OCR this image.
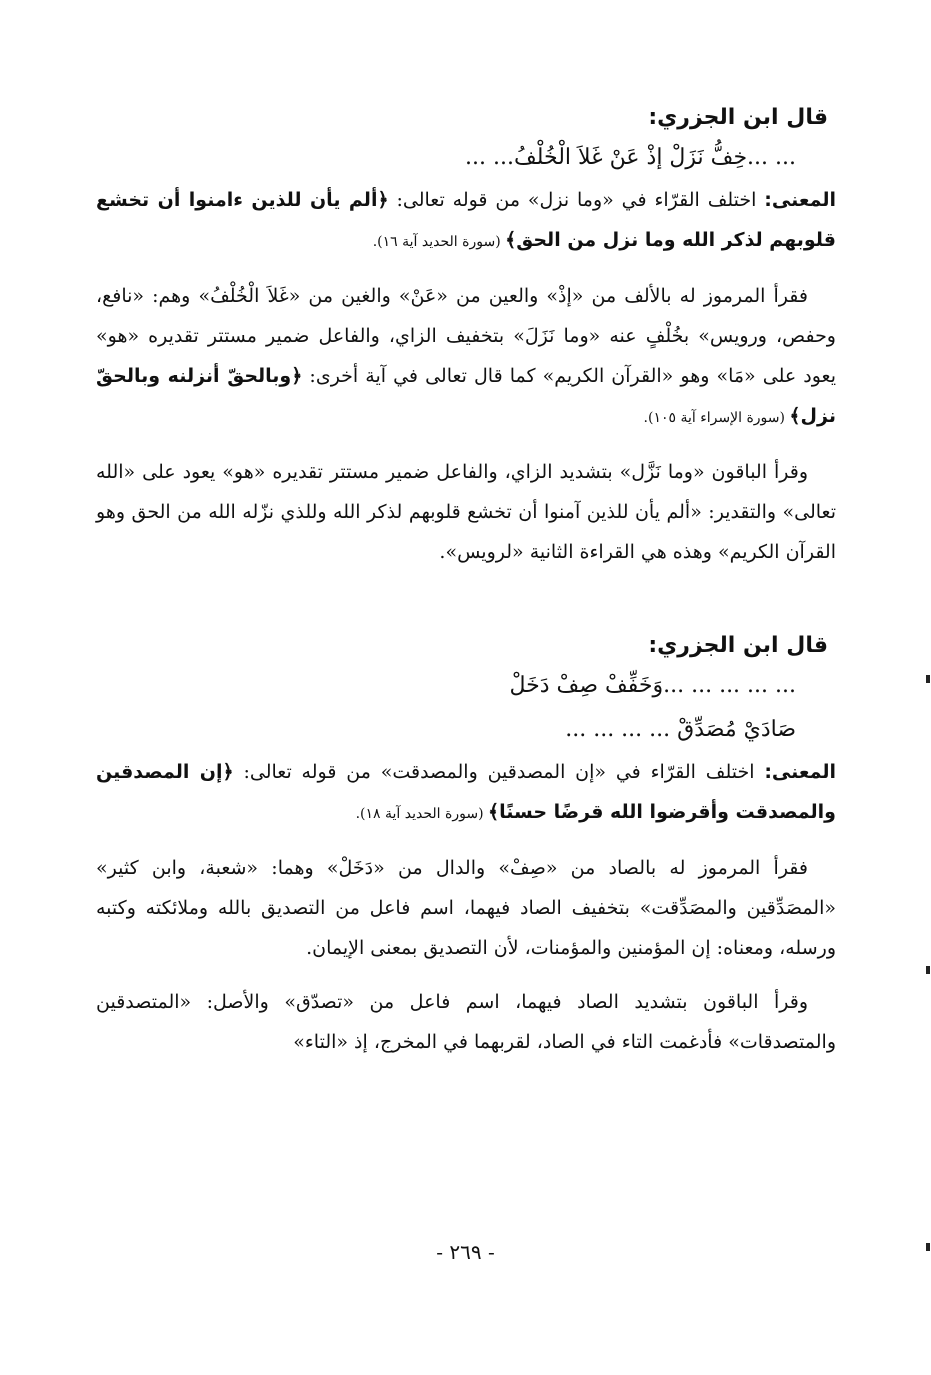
قال ابن الجزري:
... ...خِفُّ نَزَلْ إذْ عَنْ غَلاَ الْخُلْفُ... ...

المعنى: اختلف القرّاء في «وما نزل» من قوله تعالى: ﴿ألم يأن للذين ءامنوا أن تخشع قلوبهم لذكر الله وما نزل من الحق﴾ (سورة الحديد آية ١٦).

فقرأ المرموز له بالألف من «إذْ» والعين من «عَنْ» والغين من «غَلاَ الْخُلْفُ» وهم: «نافع، وحفص، ورويس» بخُلْفٍ عنه «وما نَزَلَ» بتخفيف الزاي، والفاعل ضمير مستتر تقديره «هو» يعود على «مَا» وهو «القرآن الكريم» كما قال تعالى في آية أخرى: ﴿وبالحقّ أنزلنه وبالحقّ نزل﴾ (سورة الإسراء آية ١٠٥).

وقرأ الباقون «وما نَزَّل» بتشديد الزاي، والفاعل ضمير مستتر تقديره «هو» يعود على «الله تعالى» والتقدير: «ألم يأن للذين آمنوا أن تخشع قلوبهم لذكر الله وللذي نزّله الله من الحق وهو القرآن الكريم» وهذه هي القراءة الثانية «لرويس».

قال ابن الجزري:
... ... ... ... ...وَخَفِّفْ صِفْ دَخَلْ
صَادَيْ مُصَدِّقْ ... ... ... ...

المعنى: اختلف القرّاء في «إن المصدقين والمصدقت» من قوله تعالى: ﴿إن المصدقين والمصدقت وأقرضوا الله قرضًا حسنًا﴾ (سورة الحديد آية ١٨).

فقرأ المرموز له بالصاد من «صِفْ» والدال من «دَخَلْ» وهما: «شعبة، وابن كثير» «المصَدِّقين والمصَدِّقت» بتخفيف الصاد فيهما، اسم فاعل من التصديق بالله وملائكته وكتبه ورسله، ومعناه: إن المؤمنين والمؤمنات، لأن التصديق بمعنى الإيمان.

وقرأ الباقون بتشديد الصاد فيهما، اسم فاعل من «تصدّق» والأصل: «المتصدقين والمتصدقات» فأدغمت التاء في الصاد، لقربهما في المخرج، إذ «التاء»

- ٢٦٩ -
